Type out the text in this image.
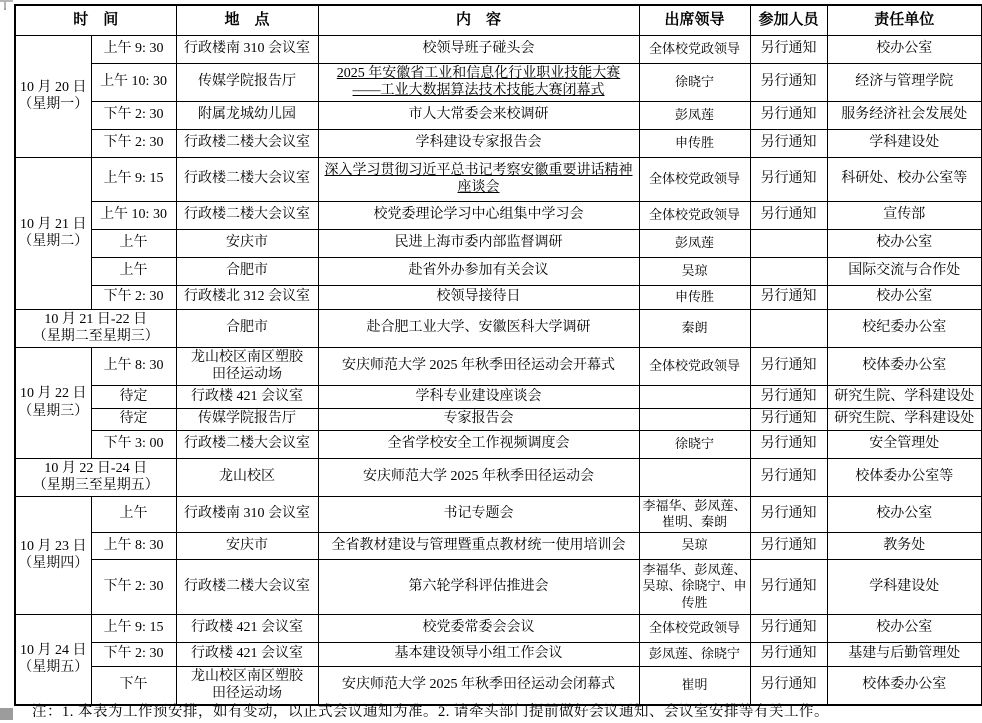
时　间		地　点	内　容	出席领导	参加人员	责任单位

10 月 20 日
（星期一）	上午 9: 30	行政楼南 310 会议室	校领导班子碰头会	全体校党政领导	另行通知	校办公室
	上午 10: 30	传媒学院报告厅	2025 年安徽省工业和信息化行业职业技能大赛
——工业大数据算法技术技能大赛闭幕式	徐晓宁	另行通知	经济与管理学院
	下午 2: 30	附属龙城幼儿园	市人大常委会来校调研	彭凤莲	另行通知	服务经济社会发展处
	下午 2: 30	行政楼二楼大会议室	学科建设专家报告会	申传胜	另行通知	学科建设处

10 月 21 日
（星期二）	上午 9: 15	行政楼二楼大会议室	深入学习贯彻习近平总书记考察安徽重要讲话精神
座谈会	全体校党政领导	另行通知	科研处、校办公室等
	上午 10: 30	行政楼二楼大会议室	校党委理论学习中心组集中学习会	全体校党政领导	另行通知	宣传部
	上午	安庆市	民进上海市委内部监督调研	彭凤莲		校办公室
	上午	合肥市	赴省外办参加有关会议	吴琼		国际交流与合作处
	下午 2: 30	行政楼北 312 会议室	校领导接待日	申传胜	另行通知	校办公室

10 月 21 日-22 日
（星期二至星期三）		合肥市	赴合肥工业大学、安徽医科大学调研	秦朗		校纪委办公室

10 月 22 日
（星期三）	上午 8: 30	龙山校区南区塑胶
田径运动场	安庆师范大学 2025 年秋季田径运动会开幕式	全体校党政领导	另行通知	校体委办公室
	待定	行政楼 421 会议室	学科专业建设座谈会		另行通知	研究生院、学科建设处
	待定	传媒学院报告厅	专家报告会		另行通知	研究生院、学科建设处
	下午 3: 00	行政楼二楼大会议室	全省学校安全工作视频调度会	徐晓宁	另行通知	安全管理处

10 月 22 日-24 日
（星期三至星期五）		龙山校区	安庆师范大学 2025 年秋季田径运动会		另行通知	校体委办公室等

10 月 23 日
（星期四）	上午	行政楼南 310 会议室	书记专题会	李福华、彭凤莲、崔明、秦朗	另行通知	校办公室
	上午 8: 30	安庆市	全省教材建设与管理暨重点教材统一使用培训会	吴琼	另行通知	教务处
	下午 2: 30	行政楼二楼大会议室	第六轮学科评估推进会	李福华、彭凤莲、吴琼、徐晓宁、申传胜	另行通知	学科建设处

10 月 24 日
（星期五）	上午 9: 15	行政楼 421 会议室	校党委常委会会议	全体校党政领导	另行通知	校办公室
	下午 2: 30	行政楼 421 会议室	基本建设领导小组工作会议	彭凤莲、徐晓宁	另行通知	基建与后勤管理处
	下午	龙山校区南区塑胶
田径运动场	安庆师范大学 2025 年秋季田径运动会闭幕式	崔明	另行通知	校体委办公室
注：1. 本表为工作预安排，如有变动，以正式会议通知为准。2. 请牵头部门提前做好会议通知、会议室安排等有关工作。
